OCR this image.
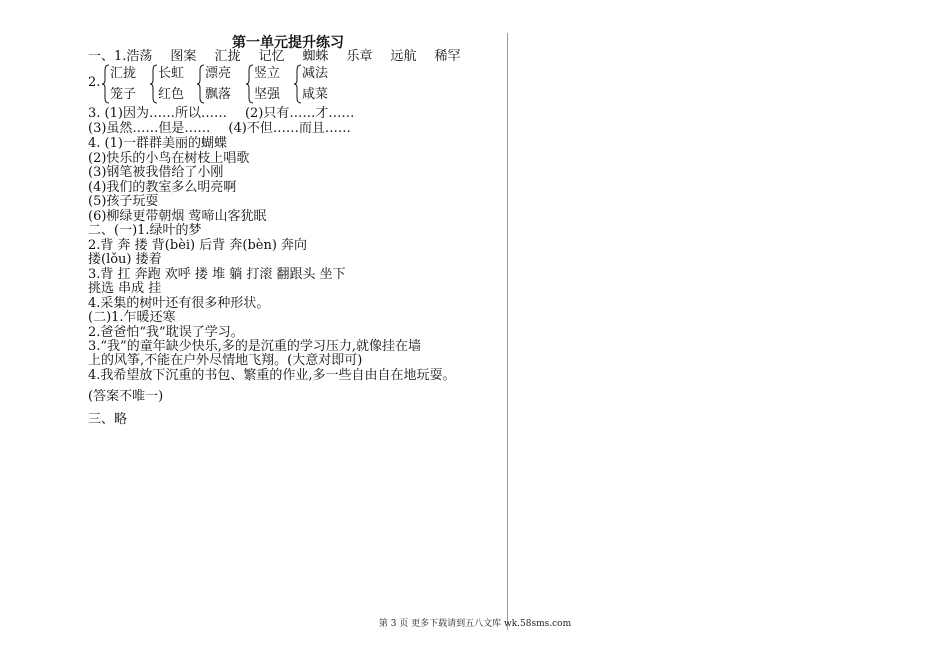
第一单元提升练习
一、1.浩荡 图案 汇拢 记忆 蜘蛛 乐章 远航 稀罕
2.
汇拢
笼子
长虹
红色
漂亮
飘落
竖立
坚强
减法
咸菜
3. (1)因为……所以…… (2)只有……才……
(3)虽然……但是…… (4)不但……而且……
4. (1)一群群美丽的蝴蝶
(2)快乐的小鸟在树枝上唱歌
(3)钢笔被我借给了小刚
(4)我们的教室多么明亮啊
(5)孩子玩耍
(6)柳绿更带朝烟 莺啼山客犹眠
二、(一)1.绿叶的梦
2.背 奔 搂 背(bèi) 后背 奔(bèn) 奔向
搂(lǒu) 搂着
3.背 扛 奔跑 欢呼 搂 堆 躺 打滚 翻跟头 坐下
挑选 串成 挂
4.采集的树叶还有很多种形状。
(二)1.乍暖还寒
2.爸爸怕“我”耽误了学习。
3.“我”的童年缺少快乐,多的是沉重的学习压力,就像挂在墙
上的风筝,不能在户外尽情地飞翔。(大意对即可)
4.我希望放下沉重的书包、繁重的作业,多一些自由自在地玩耍。
(答案不唯一)
三、略
第 3 页 更多下载请到五八文库 wk.58sms.com
